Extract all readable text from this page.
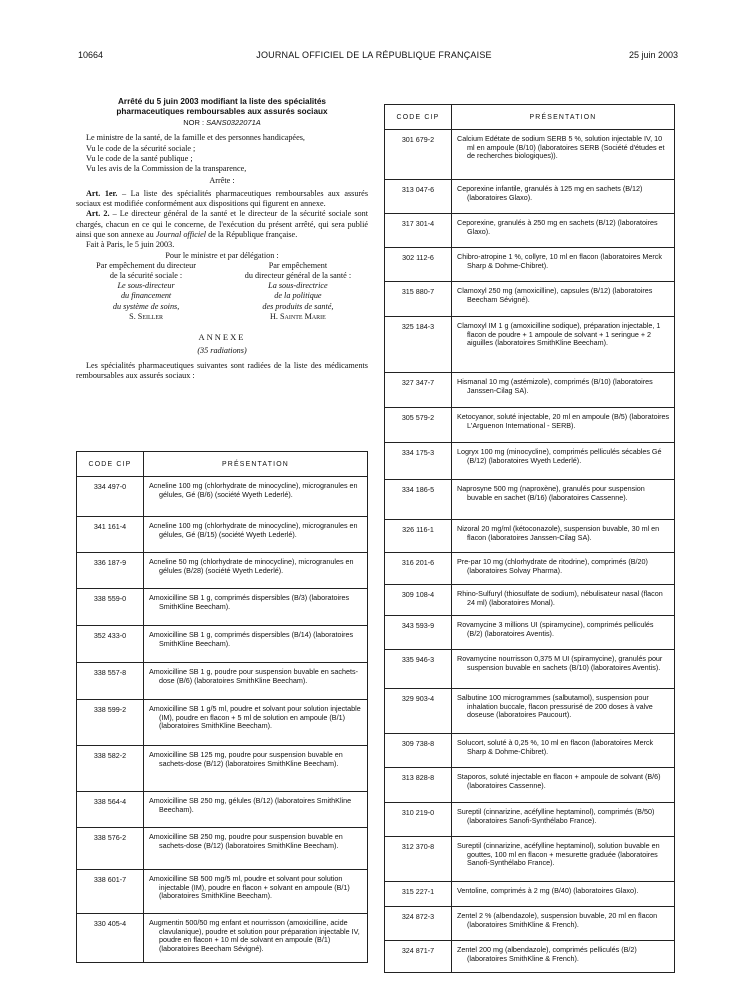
10664	JOURNAL OFFICIEL DE LA RÉPUBLIQUE FRANÇAISE	25 juin 2003

Arrêté du 5 juin 2003 modifiant la liste des spécialités
pharmaceutiques remboursables aux assurés sociaux

NOR : SANS0322071A

Le ministre de la santé, de la famille et des personnes handicapées,

Vu le code de la sécurité sociale ;

Vu le code de la santé publique ;

Vu les avis de la Commission de la transparence,

Arrête :

Art. 1er. – La liste des spécialités pharmaceutiques remboursables aux assurés sociaux est modifiée conformément aux dispositions qui figurent en annexe.

Art. 2. – Le directeur général de la santé et le directeur de la sécurité sociale sont chargés, chacun en ce qui le concerne, de l'exécution du présent arrêté, qui sera publié ainsi que son annexe au Journal officiel de la République française.

Fait à Paris, le 5 juin 2003.

Pour le ministre et par délégation :

Par empêchement du directeur
de la sécurité sociale :
Le sous-directeur
du financement
du système de soins,
S. Seiller
Par empêchement
du directeur général de la santé :
La sous-directrice
de la politique
des produits de santé,
H. Sainte Marie
ANNEXE
(35 radiations)

Les spécialités pharmaceutiques suivantes sont radiées de la liste des médicaments remboursables aux assurés sociaux :

CODE CIP	PRÉSENTATION
334 497-0	Acneline 100 mg (chlorhydrate de minocycline), microgranules en gélules, Gé (B/6) (société Wyeth Lederlé).

341 161-4	Acneline 100 mg (chlorhydrate de minocycline), microgranules en gélules, Gé (B/15) (société Wyeth Lederlé).

336 187-9	Acneline 50 mg (chlorhydrate de minocycline), microgranules en gélules (B/28) (société Wyeth Lederlé).

338 559-0	Amoxicilline SB 1 g, comprimés dispersibles (B/3) (laboratoires SmithKline Beecham).

352 433-0	Amoxicilline SB 1 g, comprimés dispersibles (B/14) (laboratoires SmithKline Beecham).

338 557-8	Amoxicilline SB 1 g, poudre pour suspension buvable en sachets-dose (B/6) (laboratoires SmithKline Beecham).

338 599-2	Amoxicilline SB 1 g/5 ml, poudre et solvant pour solution injectable (IM), poudre en flacon + 5 ml de solution en ampoule (B/1) (laboratoires SmithKline Beecham).

338 582-2	Amoxicilline SB 125 mg, poudre pour suspension buvable en sachets-dose (B/12) (laboratoires SmithKline Beecham).

338 564-4	Amoxicilline SB 250 mg, gélules (B/12) (laboratoires SmithKline Beecham).

338 576-2	Amoxicilline SB 250 mg, poudre pour suspension buvable en sachets-dose (B/12) (laboratoires SmithKline Beecham).

338 601-7	Amoxicilline SB 500 mg/5 ml, poudre et solvant pour solution injectable (IM), poudre en flacon + solvant en ampoule (B/1) (laboratoires SmithKline Beecham).

330 405-4	Augmentin 500/50 mg enfant et nourrisson (amoxicilline, acide clavulanique), poudre et solution pour préparation injectable IV, poudre en flacon + 10 ml de solvant en ampoule (B/1) (laboratoires Beecham Sévigné).
CODE CIP	PRÉSENTATION
301 679-2	Calcium Edétate de sodium SERB 5 %, solution injectable IV, 10 ml en ampoule (B/10) (laboratoires SERB (Société d'études et de recherches biologiques)).

313 047-6	Ceporexine infantile, granulés à 125 mg en sachets (B/12) (laboratoires Glaxo).

317 301-4	Ceporexine, granulés à 250 mg en sachets (B/12) (laboratoires Glaxo).

302 112-6	Chibro-atropine 1 %, collyre, 10 ml en flacon (laboratoires Merck Sharp & Dohme-Chibret).

315 880-7	Clamoxyl 250 mg (amoxicilline), capsules (B/12) (laboratoires Beecham Sévigné).

325 184-3	Clamoxyl IM 1 g (amoxicilline sodique), préparation injectable, 1 flacon de poudre + 1 ampoule de solvant + 1 seringue + 2 aiguilles (laboratoires SmithKline Beecham).

327 347-7	Hismanal 10 mg (astémizole), comprimés (B/10) (laboratoires Janssen-Cilag SA).

305 579-2	Ketocyanor, soluté injectable, 20 ml en ampoule (B/5) (laboratoires L'Arguenon International - SERB).

334 175-3	Logryx 100 mg (minocycline), comprimés pelliculés sécables Gé (B/12) (laboratoires Wyeth Lederlé).

334 186-5	Naprosyne 500 mg (naproxène), granulés pour suspension buvable en sachet (B/16) (laboratoires Cassenne).

326 116-1	Nizoral 20 mg/ml (kétoconazole), suspension buvable, 30 ml en flacon (laboratoires Janssen-Cilag SA).

316 201-6	Pre-par 10 mg (chlorhydrate de ritodrine), comprimés (B/20) (laboratoires Solvay Pharma).

309 108-4	Rhino-Sulfuryl (thiosulfate de sodium), nébulisateur nasal (flacon 24 ml) (laboratoires Monal).

343 593-9	Rovamycine 3 millions UI (spiramycine), comprimés pelliculés (B/2) (laboratoires Aventis).

335 946-3	Rovamycine nourrisson 0,375 M UI (spiramycine), granulés pour suspension buvable en sachets (B/10) (laboratoires Aventis).

329 903-4	Salbutine 100 microgrammes (salbutamol), suspension pour inhalation buccale, flacon pressurisé de 200 doses à valve doseuse (laboratoires Paucourt).

309 738-8	Solucort, soluté à 0,25 %, 10 ml en flacon (laboratoires Merck Sharp & Dohme-Chibret).

313 828-8	Staporos, soluté injectable en flacon + ampoule de solvant (B/6) (laboratoires Cassenne).

310 219-0	Sureptil (cinnarizine, acéfylline heptaminol), comprimés (B/50) (laboratoires Sanofi-Synthélabo France).

312 370-8	Sureptil (cinnarizine, acéfylline heptaminol), solution buvable en gouttes, 100 ml en flacon + mesurette graduée (laboratoires Sanofi-Synthélabo France).

315 227-1	Ventoline, comprimés à 2 mg (B/40) (laboratoires Glaxo).

324 872-3	Zentel 2 % (albendazole), suspension buvable, 20 ml en flacon (laboratoires SmithKline & French).

324 871-7	Zentel 200 mg (albendazole), comprimés pelliculés (B/2) (laboratoires SmithKline & French).
